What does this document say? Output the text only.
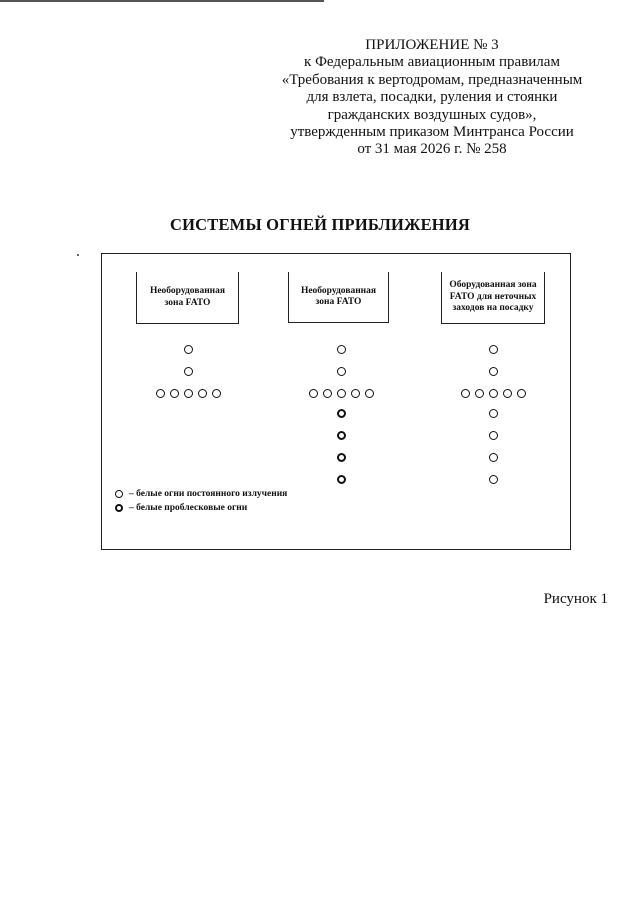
ПРИЛОЖЕНИЕ № 3
к Федеральным авиационным правилам
«Требования к вертодромам, предназначенным
для взлета, посадки, руления и стоянки
гражданских воздушных судов»,
утвержденным приказом Минтранса России
от 31 мая 2026 г. № 258
СИСТЕМЫ ОГНЕЙ ПРИБЛИЖЕНИЯ
Необорудованная
зона FATO
Необорудованная
зона FATO
Оборудованная зона
FATO для неточных
заходов на посадку
– белые огни постоянного излучения
– белые проблесковые огни
Рисунок 1
